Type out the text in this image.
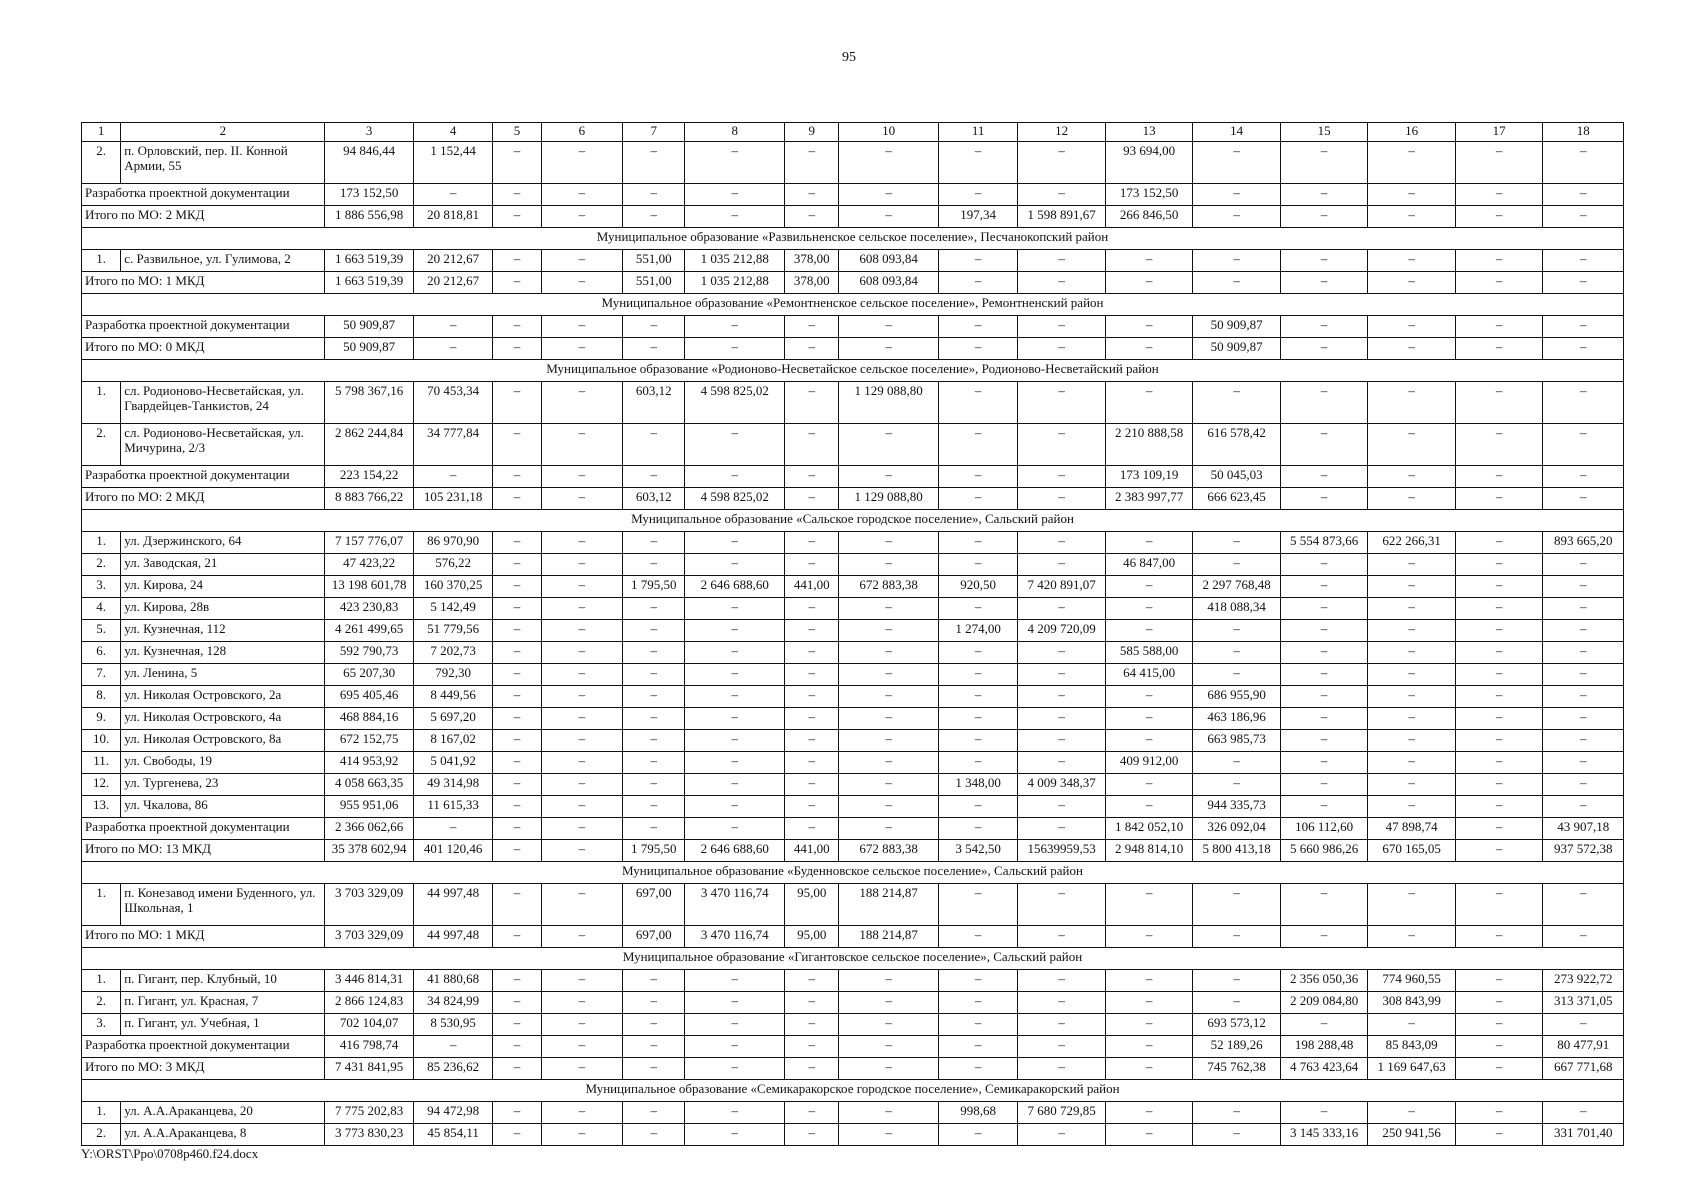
95
1	2	3	4	5	6	7	8	9	10	11	12	13	14	15	16	17	18
2.	п. Орловский, пер. II. Конной Армии, 55	94 846,44	1 152,44	–	–	–	–	–	–	–	–	93 694,00	–	–	–	–	–
Разработка проектной документации		173 152,50	–	–	–	–	–	–	–	–	–	173 152,50	–	–	–	–	–
Итого по МО: 2 МКД		1 886 556,98	20 818,81	–	–	–	–	–	–	197,34	1 598 891,67	266 846,50	–	–	–	–	–
Муниципальное образование «Развильненское сельское поселение», Песчанокопский район																	
1.	с. Развильное, ул. Гулимова, 2	1 663 519,39	20 212,67	–	–	551,00	1 035 212,88	378,00	608 093,84	–	–	–	–	–	–	–	–
Итого по МО: 1 МКД		1 663 519,39	20 212,67	–	–	551,00	1 035 212,88	378,00	608 093,84	–	–	–	–	–	–	–	–
Муниципальное образование «Ремонтненское сельское поселение», Ремонтненский район																	
Разработка проектной документации		50 909,87	–	–	–	–	–	–	–	–	–	–	50 909,87	–	–	–	–
Итого по МО: 0 МКД		50 909,87	–	–	–	–	–	–	–	–	–	–	50 909,87	–	–	–	–
Муниципальное образование «Родионово-Несветайское сельское поселение», Родионово-Несветайский район																	
1.	сл. Родионово-Несветайская, ул. Гвардейцев-Танкистов, 24	5 798 367,16	70 453,34	–	–	603,12	4 598 825,02	–	1 129 088,80	–	–	–	–	–	–	–	–
2.	сл. Родионово-Несветайская, ул. Мичурина, 2/3	2 862 244,84	34 777,84	–	–	–	–	–	–	–	–	2 210 888,58	616 578,42	–	–	–	–
Разработка проектной документации		223 154,22	–	–	–	–	–	–	–	–	–	173 109,19	50 045,03	–	–	–	–
Итого по МО: 2 МКД		8 883 766,22	105 231,18	–	–	603,12	4 598 825,02	–	1 129 088,80	–	–	2 383 997,77	666 623,45	–	–	–	–
Муниципальное образование «Сальское городское поселение», Сальский район																	
1.	ул. Дзержинского, 64	7 157 776,07	86 970,90	–	–	–	–	–	–	–	–	–	–	5 554 873,66	622 266,31	–	893 665,20
2.	ул. Заводская, 21	47 423,22	576,22	–	–	–	–	–	–	–	–	46 847,00	–	–	–	–	–
3.	ул. Кирова, 24	13 198 601,78	160 370,25	–	–	1 795,50	2 646 688,60	441,00	672 883,38	920,50	7 420 891,07	–	2 297 768,48	–	–	–	–
4.	ул. Кирова, 28в	423 230,83	5 142,49	–	–	–	–	–	–	–	–	–	418 088,34	–	–	–	–
5.	ул. Кузнечная, 112	4 261 499,65	51 779,56	–	–	–	–	–	–	1 274,00	4 209 720,09	–	–	–	–	–	–
6.	ул. Кузнечная, 128	592 790,73	7 202,73	–	–	–	–	–	–	–	–	585 588,00	–	–	–	–	–
7.	ул. Ленина, 5	65 207,30	792,30	–	–	–	–	–	–	–	–	64 415,00	–	–	–	–	–
8.	ул. Николая Островского, 2а	695 405,46	8 449,56	–	–	–	–	–	–	–	–	–	686 955,90	–	–	–	–
9.	ул. Николая Островского, 4а	468 884,16	5 697,20	–	–	–	–	–	–	–	–	–	463 186,96	–	–	–	–
10.	ул. Николая Островского, 8а	672 152,75	8 167,02	–	–	–	–	–	–	–	–	–	663 985,73	–	–	–	–
11.	ул. Свободы, 19	414 953,92	5 041,92	–	–	–	–	–	–	–	–	409 912,00	–	–	–	–	–
12.	ул. Тургенева, 23	4 058 663,35	49 314,98	–	–	–	–	–	–	1 348,00	4 009 348,37	–	–	–	–	–	–
13.	ул. Чкалова, 86	955 951,06	11 615,33	–	–	–	–	–	–	–	–	–	944 335,73	–	–	–	–
Разработка проектной документации		2 366 062,66	–	–	–	–	–	–	–	–	–	1 842 052,10	326 092,04	106 112,60	47 898,74	–	43 907,18
Итого по МО: 13 МКД		35 378 602,94	401 120,46	–	–	1 795,50	2 646 688,60	441,00	672 883,38	3 542,50	15639959,53	2 948 814,10	5 800 413,18	5 660 986,26	670 165,05	–	937 572,38
Муниципальное образование «Буденновское сельское поселение», Сальский район																	
1.	п. Конезавод имени Буденного, ул. Школьная, 1	3 703 329,09	44 997,48	–	–	697,00	3 470 116,74	95,00	188 214,87	–	–	–	–	–	–	–	–
Итого по МО: 1 МКД		3 703 329,09	44 997,48	–	–	697,00	3 470 116,74	95,00	188 214,87	–	–	–	–	–	–	–	–
Муниципальное образование «Гигантовское сельское поселение», Сальский район																	
1.	п. Гигант, пер. Клубный, 10	3 446 814,31	41 880,68	–	–	–	–	–	–	–	–	–	–	2 356 050,36	774 960,55	–	273 922,72
2.	п. Гигант, ул. Красная, 7	2 866 124,83	34 824,99	–	–	–	–	–	–	–	–	–	–	2 209 084,80	308 843,99	–	313 371,05
3.	п. Гигант, ул. Учебная, 1	702 104,07	8 530,95	–	–	–	–	–	–	–	–	–	693 573,12	–	–	–	–
Разработка проектной документации		416 798,74	–	–	–	–	–	–	–	–	–	–	52 189,26	198 288,48	85 843,09	–	80 477,91
Итого по МО: 3 МКД		7 431 841,95	85 236,62	–	–	–	–	–	–	–	–	–	745 762,38	4 763 423,64	1 169 647,63	–	667 771,68
Муниципальное образование «Семикаракорское городское поселение», Семикаракорский район																	
1.	ул. А.А.Араканцева, 20	7 775 202,83	94 472,98	–	–	–	–	–	–	998,68	7 680 729,85	–	–	–	–	–	–
2.	ул. А.А.Араканцева, 8	3 773 830,23	45 854,11	–	–	–	–	–	–	–	–	–	–	3 145 333,16	250 941,56	–	331 701,40
Y:\ORST\Ppo\0708p460.f24.docx
